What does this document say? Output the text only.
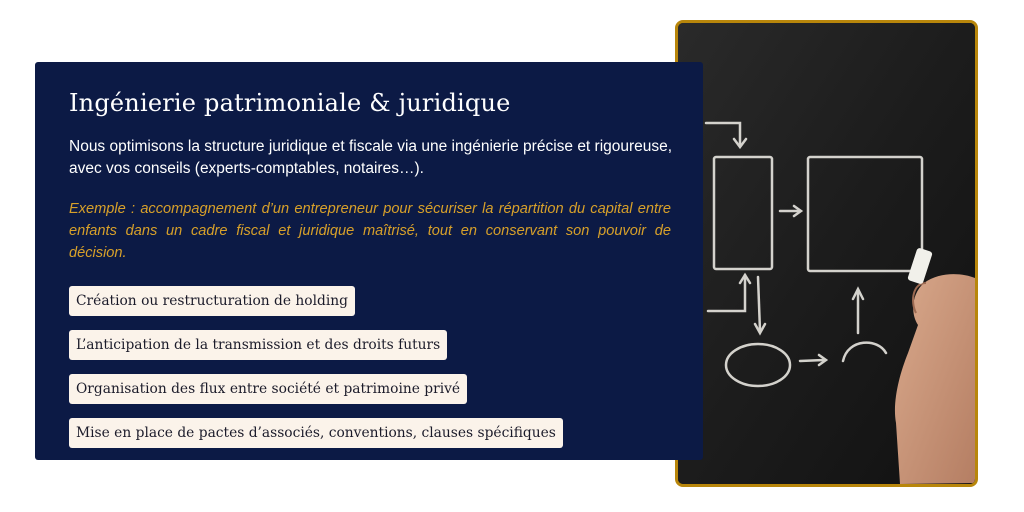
Ingénierie patrimoniale & juridique

Nous optimisons la structure juridique et fiscale via une ingénierie précise et rigoureuse, avec vos conseils (experts-comptables, notaires…).

Exemple : accompagnement d’un entrepreneur pour sécuriser la répartition du capital entre enfants dans un cadre fiscal et juridique maîtrisé, tout en conservant son pouvoir de décision.

Création ou restructuration de holding
L’anticipation de la transmission et des droits futurs
Organisation des flux entre société et patrimoine privé
Mise en place de pactes d’associés, conventions, clauses spécifiques
